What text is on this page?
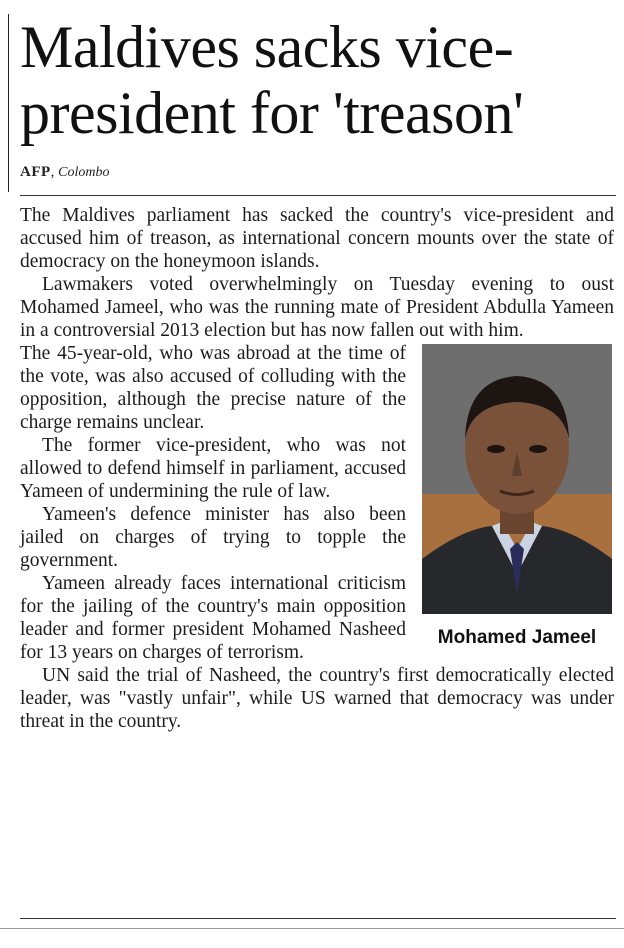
Maldives sacks vice-president for 'treason'
AFP, Colombo

The Maldives parliament has sacked the country's vice-president and accused him of treason, as international concern mounts over the state of democracy on the honeymoon islands.

Lawmakers voted overwhelmingly on Tuesday evening to oust Mohamed Jameel, who was the running mate of President Abdulla Yameen in a controversial 2013 election but has now fallen out with him.

Mohamed Jameel

The 45-year-old, who was abroad at the time of the vote, was also accused of colluding with the opposition, although the precise nature of the charge remains unclear.

The former vice-president, who was not allowed to defend himself in parliament, accused Yameen of undermining the rule of law.

Yameen's defence minister has also been jailed on charges of trying to topple the government.

Yameen already faces international criticism for the jailing of the country's main opposition leader and former president Mohamed Nasheed for 13 years on charges of terrorism.

UN said the trial of Nasheed, the country's first democratically elected leader, was "vastly unfair", while US warned that democracy was under threat in the country.
